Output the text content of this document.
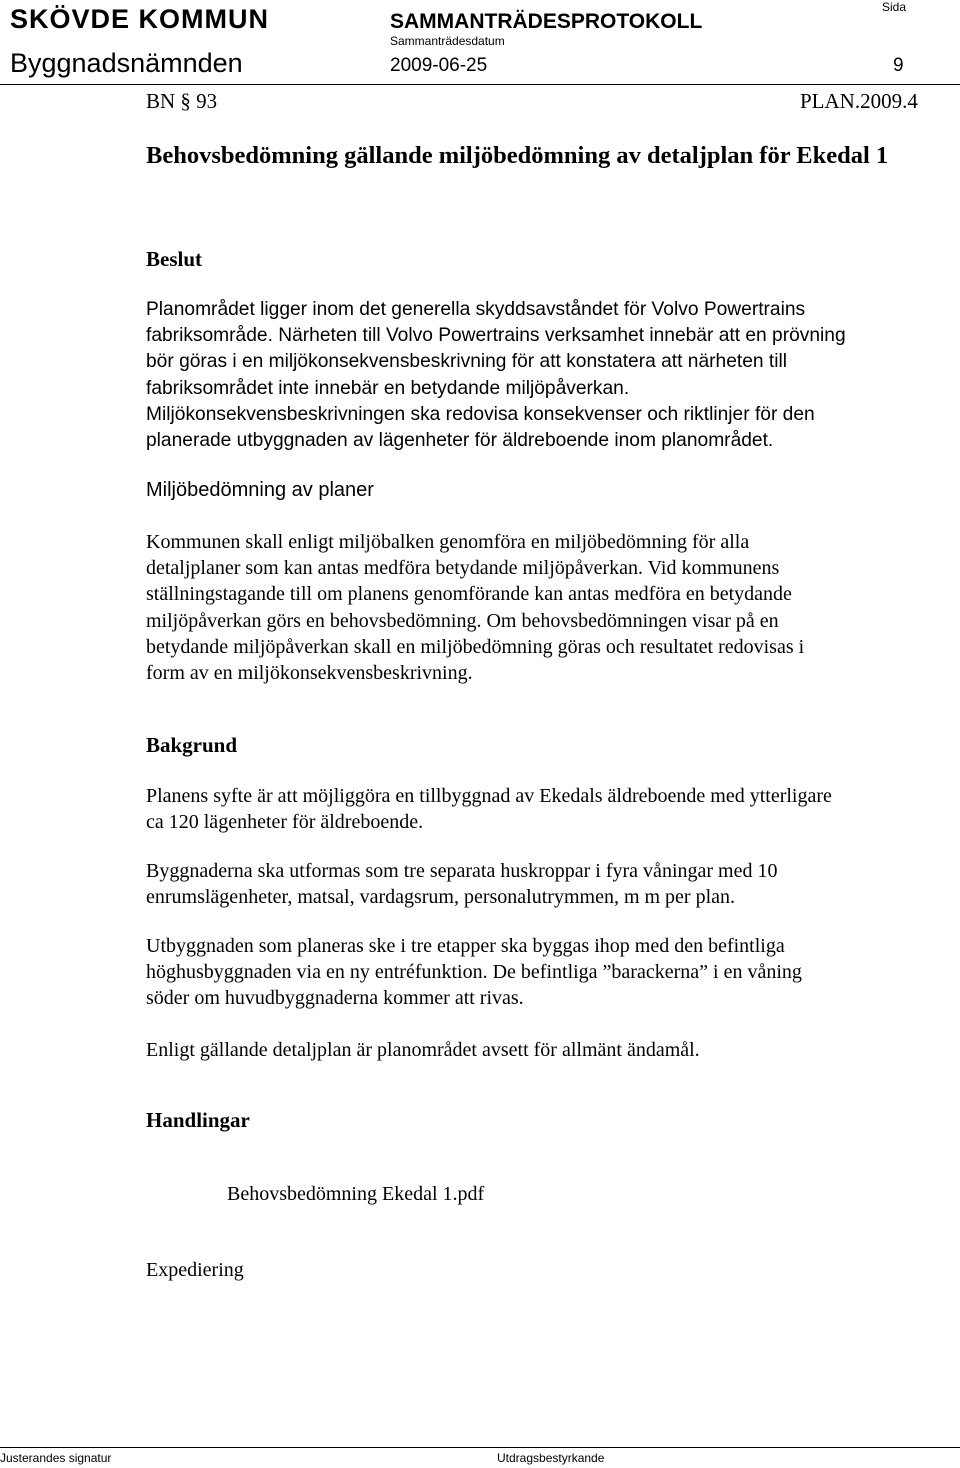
SKÖVDE KOMMUN	SAMMANTRÄDESPROTOKOLL
Sammanträdesdatum
Sida
Byggnadsnämnden	2009-06-25	9
BN § 93	PLAN.2009.4
Behovsbedömning gällande miljöbedömning av detaljplan för Ekedal 1
Beslut
Planområdet ligger inom det generella skyddsavståndet för Volvo Powertrains
fabriksområde. Närheten till Volvo Powertrains verksamhet innebär att en prövning
bör göras i en miljökonsekvensbeskrivning för att konstatera att närheten till
fabriksområdet inte innebär en betydande miljöpåverkan.
Miljökonsekvensbeskrivningen ska redovisa konsekvenser och riktlinjer för den
planerade utbyggnaden av lägenheter för äldreboende inom planområdet.
Miljöbedömning av planer
Kommunen skall enligt miljöbalken genomföra en miljöbedömning för alla
detaljplaner som kan antas medföra betydande miljöpåverkan. Vid kommunens
ställningstagande till om planens genomförande kan antas medföra en betydande
miljöpåverkan görs en behovsbedömning. Om behovsbedömningen visar på en
betydande miljöpåverkan skall en miljöbedömning göras och resultatet redovisas i
form av en miljökonsekvensbeskrivning.
Bakgrund
Planens syfte är att möjliggöra en tillbyggnad av Ekedals äldreboende med ytterligare
ca 120 lägenheter för äldreboende.
Byggnaderna ska utformas som tre separata huskroppar i fyra våningar med 10
enrumslägenheter, matsal, vardagsrum, personalutrymmen, m m per plan.
Utbyggnaden som planeras ske i tre etapper ska byggas ihop med den befintliga
höghusbyggnaden via en ny entréfunktion. De befintliga ”barackerna” i en våning
söder om huvudbyggnaderna kommer att rivas.
Enligt gällande detaljplan är planområdet avsett för allmänt ändamål.
Handlingar
Behovsbedömning Ekedal 1.pdf
Expediering
Justerandes signatur	Utdragsbestyrkande
